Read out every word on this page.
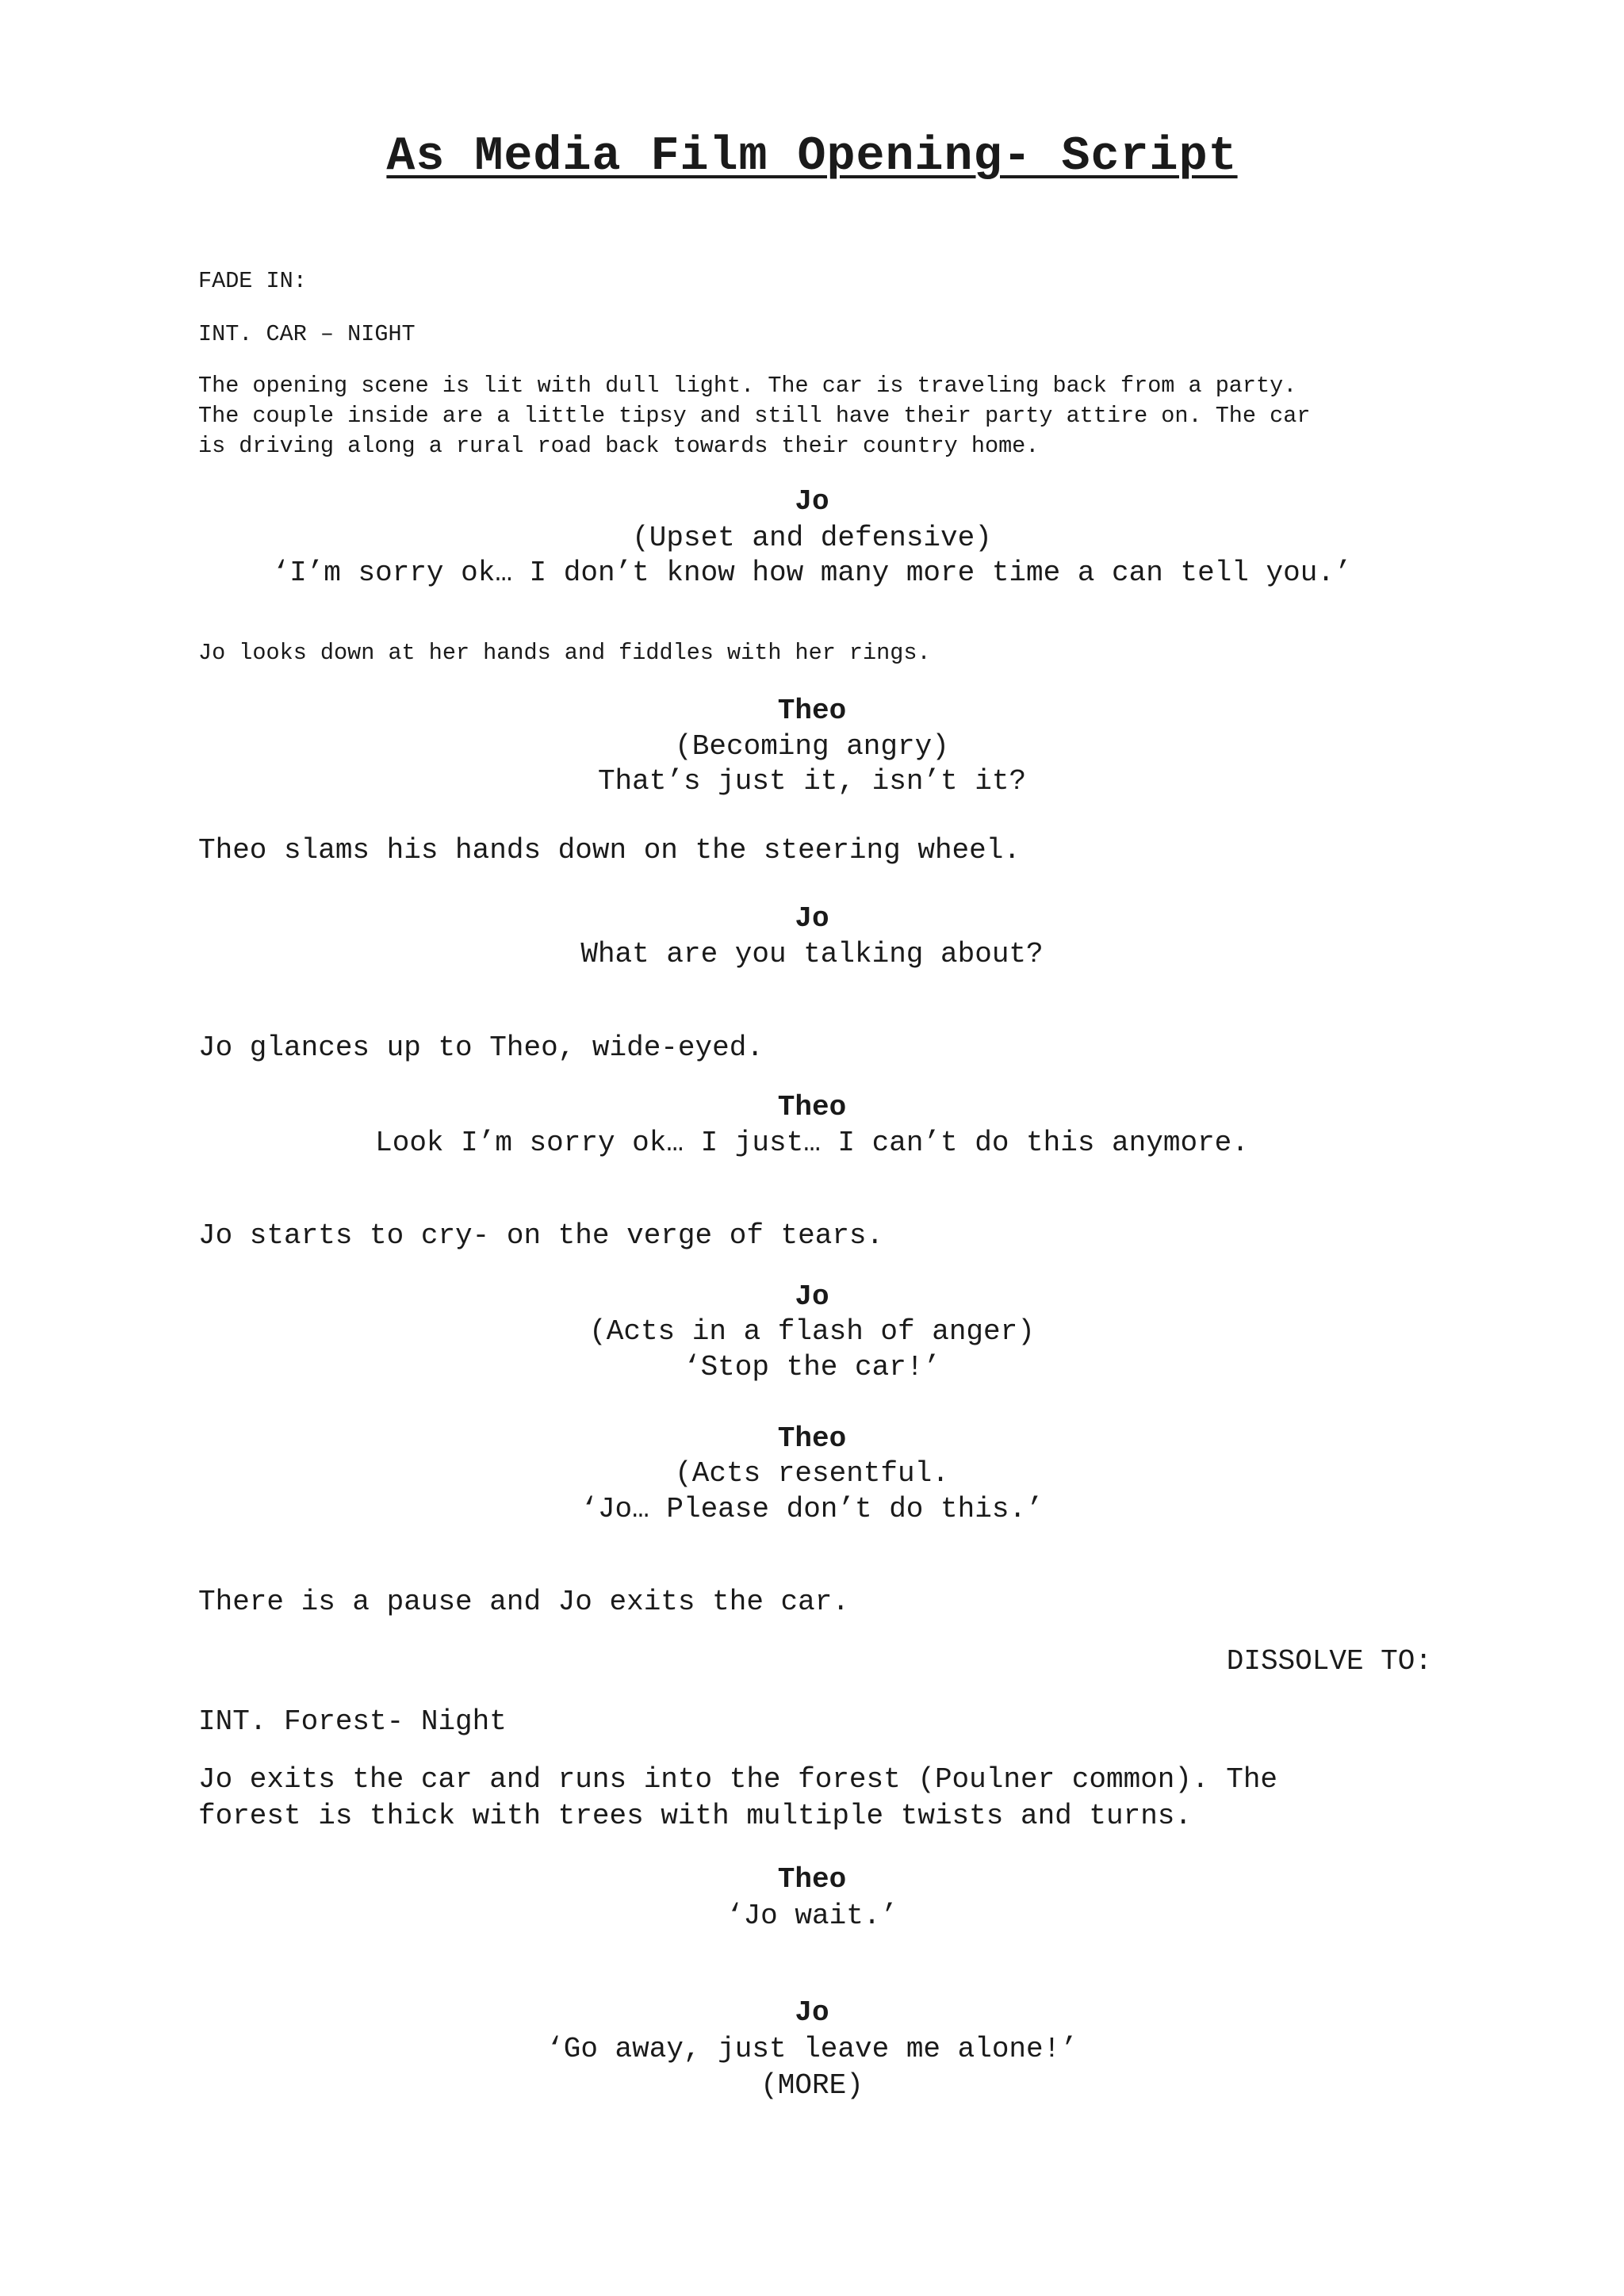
As Media Film Opening- Script

FADE IN:

INT. CAR – NIGHT

The opening scene is lit with dull light. The car is traveling back from a party.
The couple inside are a little tipsy and still have their party attire on. The car
is driving along a rural road back towards their country home.

Jo

(Upset and defensive)

‘I’m sorry ok… I don’t know how many more time a can tell you.’

Jo looks down at her hands and fiddles with her rings.

Theo

(Becoming angry)

That’s just it, isn’t it?

Theo slams his hands down on the steering wheel.

Jo

What are you talking about?

Jo glances up to Theo, wide-eyed.

Theo

Look I’m sorry ok… I just… I can’t do this anymore.

Jo starts to cry- on the verge of tears.

Jo

(Acts in a flash of anger)

‘Stop the car!’

Theo

(Acts resentful.

‘Jo… Please don’t do this.’

There is a pause and Jo exits the car.

DISSOLVE TO:

INT. Forest- Night

Jo exits the car and runs into the forest (Poulner common). The
forest is thick with trees with multiple twists and turns.

Theo

‘Jo wait.’

Jo

‘Go away, just leave me alone!’

(MORE)
